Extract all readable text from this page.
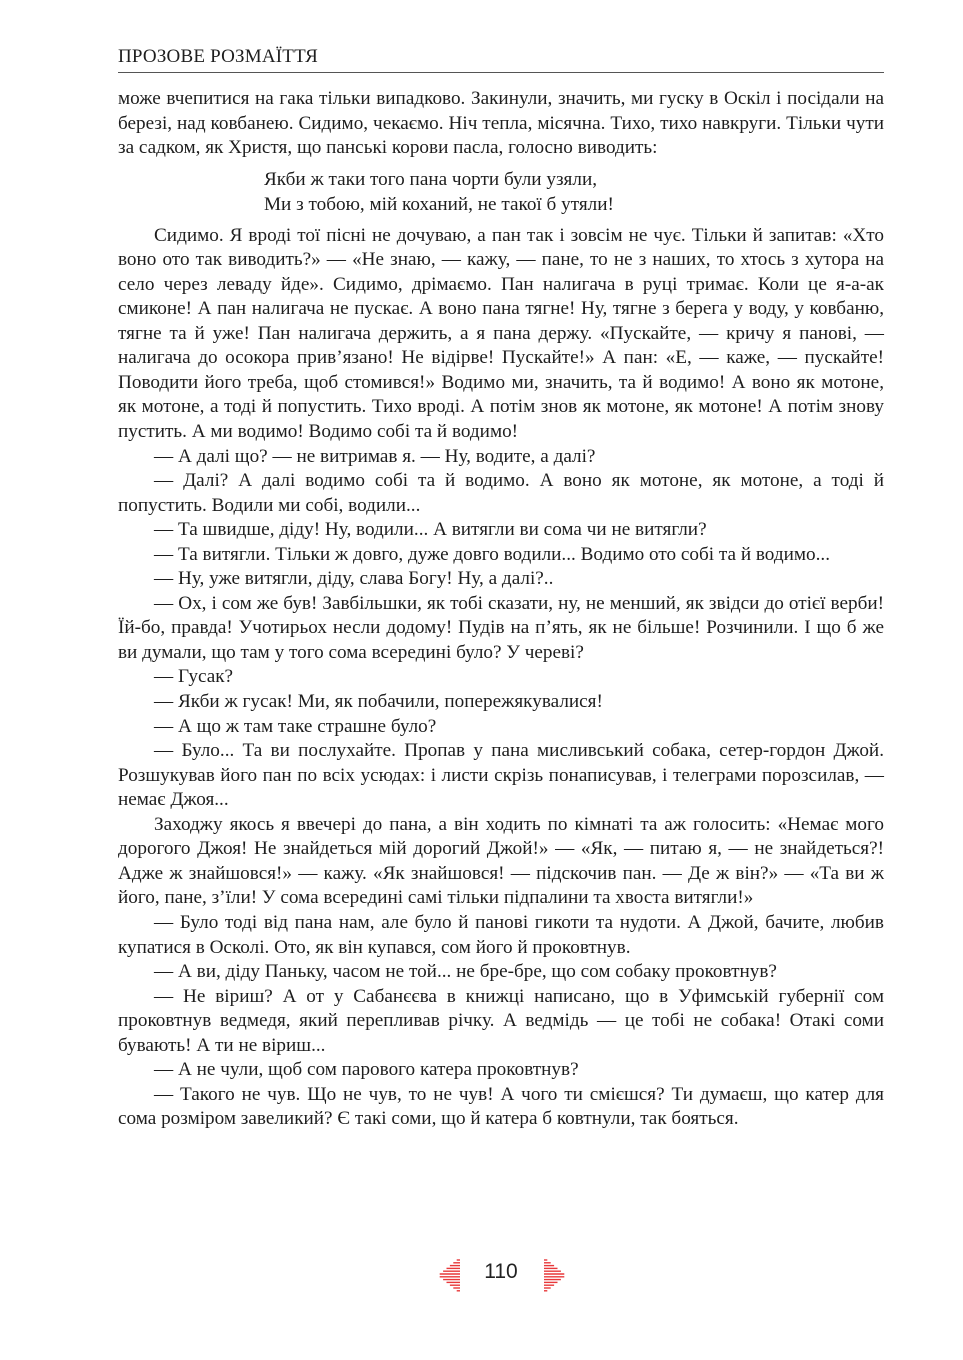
ПРОЗОВЕ РОЗМАЇТТЯ

може вчепитися на гака тільки випадково. Закинули, значить, ми гуску в Оскіл і посідали на березі, над ковбанею. Сидимо, чекаємо. Ніч тепла, місячна. Тихо, тихо навкруги. Тільки чути за садком, як Христя, що панські корови пасла, голосно виводить:

Якби ж таки того пана чорти були узяли,
Ми з тобою, мій коханий, не такої б утяли!

Сидимо. Я вроді тої пісні не дочуваю, а пан так і зовсім не чує. Тільки й запитав: «Хто воно ото так виводить?» — «Не знаю, — кажу, — пане, то не з наших, то хтось з хутора на село через леваду йде». Сидимо, дрімаємо. Пан налигача в руці тримає. Коли це я-а-ак смиконе! А пан налигача не пускає. А воно пана тягне! Ну, тягне з берега у воду, у ковбаню, тягне та й уже! Пан налигача держить, а я пана держу. «Пускайте, — кричу я панові, — налигача до осокора прив’язано! Не відірве! Пускайте!» А пан: «Е, — каже, — пускайте! Поводити його треба, щоб стомився!» Водимо ми, значить, та й водимо! А воно як мотоне, як мотоне, а тоді й попустить. Тихо вроді. А потім знов як мотоне, як мотоне! А потім знову пустить. А ми водимо! Водимо собі та й водимо!

— А далі що? — не витримав я. — Ну, водите, а далі?

— Далі? А далі водимо собі та й водимо. А воно як мотоне, як мотоне, а тоді й попустить. Водили ми собі, водили...

— Та швидше, діду! Ну, водили... А витягли ви сома чи не витягли?

— Та витягли. Тільки ж довго, дуже довго водили... Водимо ото собі та й водимо...

— Ну, уже витягли, діду, слава Богу! Ну, а далі?..

— Ох, і сом же був! Завбільшки, як тобі сказати, ну, не менший, як звідси до отієї верби! Їй-бо, правда! Учотирьох несли додому! Пудів на п’ять, як не більше! Розчинили. І що б же ви думали, що там у того сома всередині було? У череві?

— Гусак?

— Якби ж гусак! Ми, як побачили, попережякувалися!

— А що ж там таке страшне було?

— Було... Та ви послухайте. Пропав у пана мисливський собака, сетер-гордон Джой. Розшукував його пан по всіх усюдах: і листи скрізь понаписував, і телеграми порозсилав, — немає Джоя...

Заходжу якось я ввечері до пана, а він ходить по кімнаті та аж голосить: «Немає мого дорогого Джоя! Не знайдеться мій дорогий Джой!» — «Як, — питаю я, — не знайдеться?! Адже ж знайшовся!» — кажу. «Як знайшовся! — підскочив пан. — Де ж він?» — «Та ви ж його, пане, з’їли! У сома всередині самі тільки підпалини та хвоста витягли!»

— Було тоді від пана нам, але було й панові гикоти та нудоти. А Джой, бачите, любив купатися в Осколі. Ото, як він купався, сом його й проковтнув.

— А ви, діду Паньку, часом не той... не бре-бре, що сом собаку проковтнув?

— Не віриш? А от у Сабанєєва в книжці написано, що в Уфимській губернії сом проковтнув ведмедя, який перепливав річку. А ведмідь — це тобі не собака! Отакі соми бувають! А ти не віриш...

— А не чули, щоб сом парового катера проковтнув?

— Такого не чув. Що не чув, то не чув! А чого ти смієшся? Ти думаєш, що катер для сома розміром завеликий? Є такі соми, що й катера б ковтнули, так бояться.

110
